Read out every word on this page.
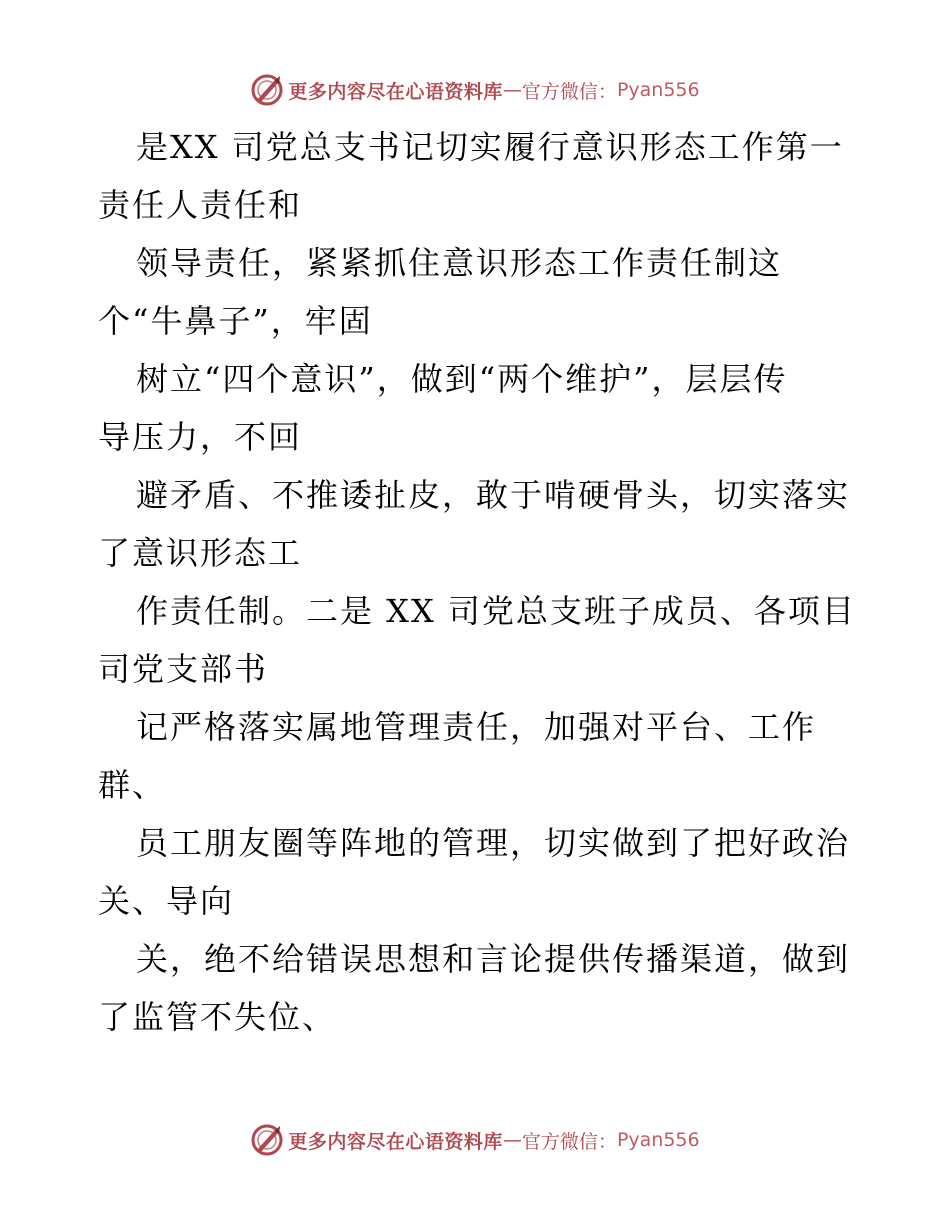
更多内容尽在心语资料库 — 官方微信： Pyan556
是XX 司党总支书记切实履行意识形态工作第一
责任人责任和
领导责任，紧紧抓住意识形态工作责任制这
个“牛鼻子”，牢固
树立“四个意识”，做到“两个维护”，层层传
导压力，不回
避矛盾、不推诿扯皮，敢于啃硬骨头，切实落实
了意识形态工
作责任制。二是 XX 司党总支班子成员、各项目
司党支部书
记严格落实属地管理责任，加强对平台、工作
群、
员工朋友圈等阵地的管理，切实做到了把好政治
关、导向
关，绝不给错误思想和言论提供传播渠道，做到
了监管不失位、
更多内容尽在心语资料库 — 官方微信： Pyan556
